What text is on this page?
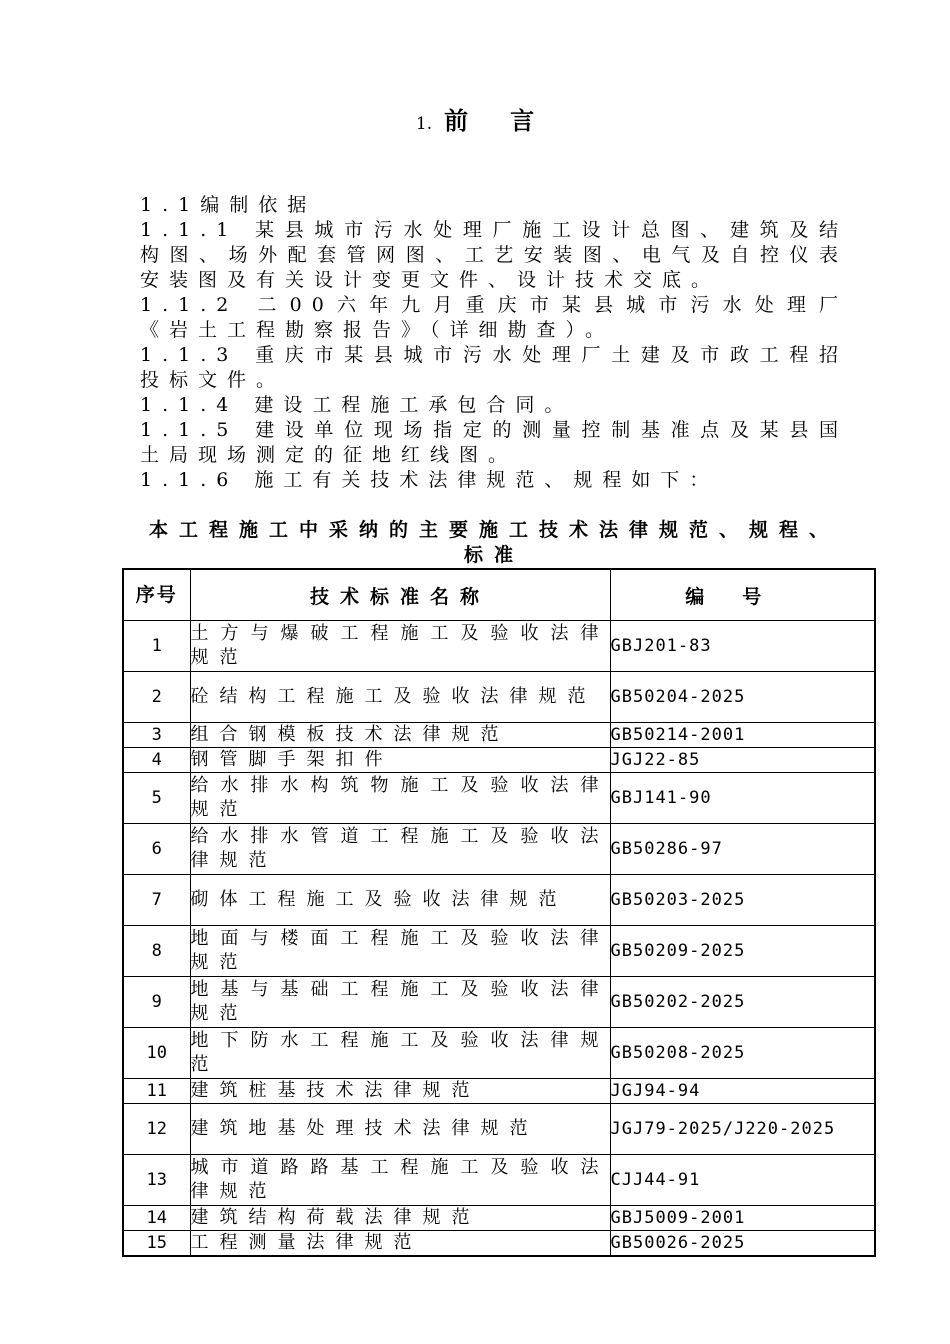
1. 前言

1.1编制依据

1.1.1 某县城市污水处理厂施工设计总图、建筑及结构图、场外配套管网图、工艺安装图、电气及自控仪表安装图及有关设计变更文件、设计技术交底。

1.1.2 二00六年九月重庆市某县城市污水处理厂《岩土工程勘察报告》（详细勘查）。

1.1.3 重庆市某县城市污水处理厂土建及市政工程招投标文件。

1.1.4 建设工程施工承包合同。

1.1.5 建设单位现场指定的测量控制基准点及某县国土局现场测定的征地红线图。

1.1.6 施工有关技术法律规范、规程如下：

本工程施工中采纳的主要施工技术法律规范、规程、标准
序号	技术标准名称	编号
1	土方与爆破工程施工及验收法律规范	GBJ201-83
2	砼结构工程施工及验收法律规范	GB50204-2025
3	组合钢模板技术法律规范	GB50214-2001
4	钢管脚手架扣件	JGJ22-85
5	给水排水构筑物施工及验收法律规范	GBJ141-90
6	给水排水管道工程施工及验收法律规范	GB50286-97
7	砌体工程施工及验收法律规范	GB50203-2025
8	地面与楼面工程施工及验收法律规范	GB50209-2025
9	地基与基础工程施工及验收法律规范	GB50202-2025
10	地下防水工程施工及验收法律规范	GB50208-2025
11	建筑桩基技术法律规范	JGJ94-94
12	建筑地基处理技术法律规范	JGJ79-2025/J220-2025
13	城市道路路基工程施工及验收法律规范	CJJ44-91
14	建筑结构荷载法律规范	GBJ5009-2001
15	工程测量法律规范	GB50026-2025
